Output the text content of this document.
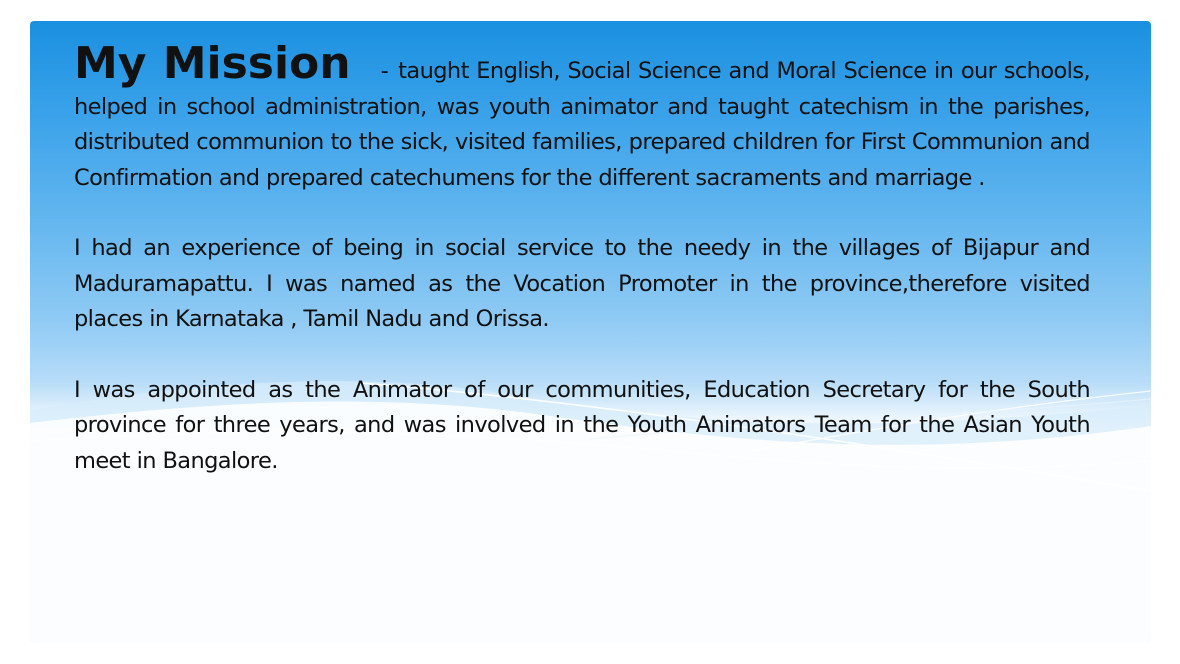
My Mission - taught English, Social Science and Moral Science in our schools, helped in school administration, was youth animator and taught catechism in the parishes, distributed communion to the sick, visited families, prepared children for First Communion and Confirmation and prepared catechumens for the different sacraments and marriage .

I had an experience of being in social service to the needy in the villages of Bijapur and Maduramapattu. I was named as the Vocation Promoter in the province,therefore visited places in Karnataka , Tamil Nadu and Orissa.

I was appointed as the Animator of our communities, Education Secretary for the South province for three years, and was involved in the Youth Animators Team for the Asian Youth meet in Bangalore.
